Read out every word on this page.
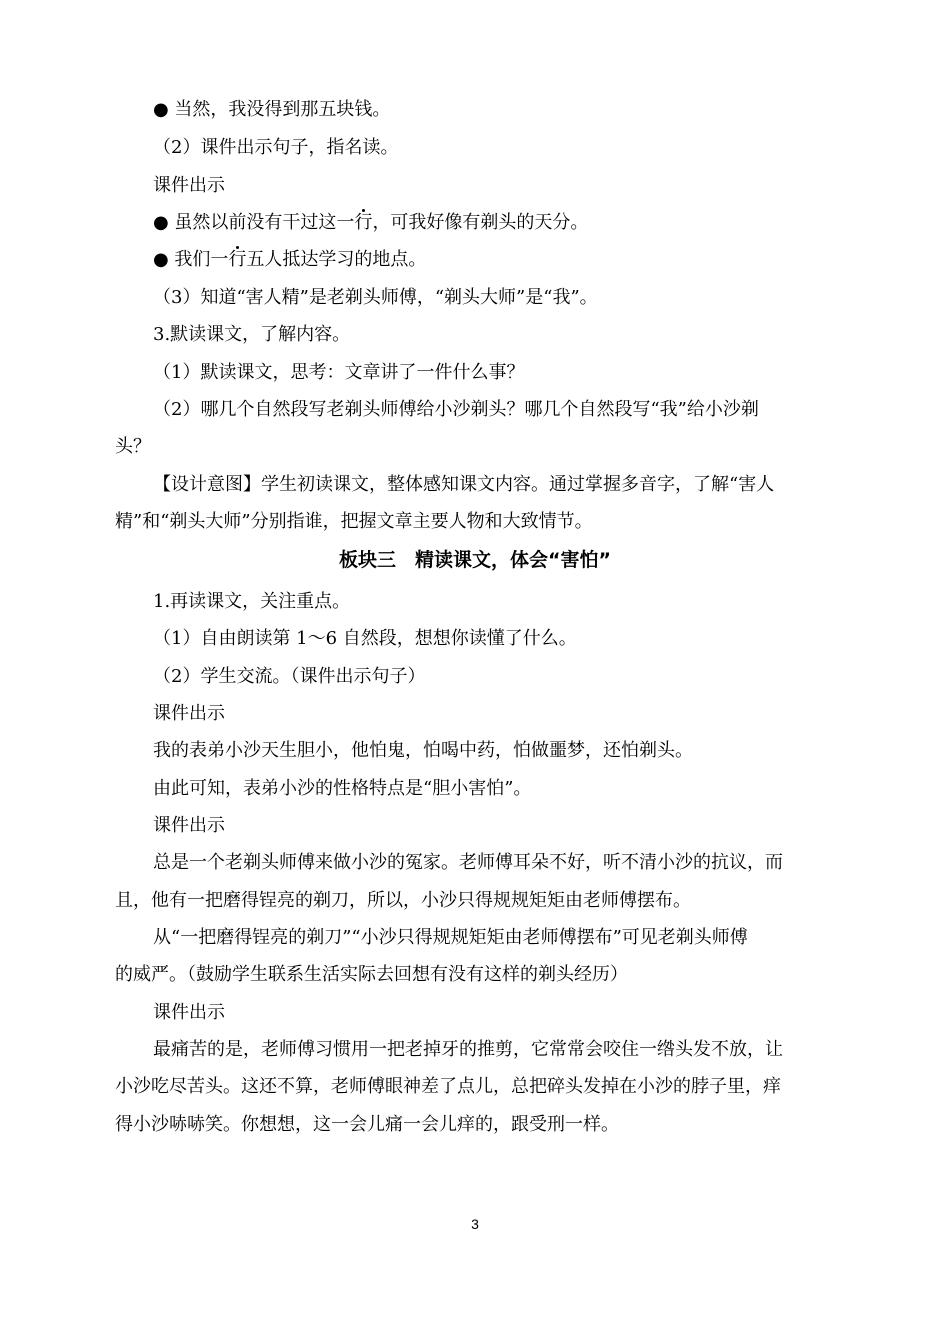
● 当然，我没得到那五块钱。
（2）课件出示句子，指名读。
课件出示
● 虽然以前没有干过这一行，可我好像有剃头的天分。
● 我们一行五人抵达学习的地点。
（3）知道“害人精”是老剃头师傅，“剃头大师”是“我”。
3.默读课文，了解内容。
（1）默读课文，思考：文章讲了一件什么事？
（2）哪几个自然段写老剃头师傅给小沙剃头？哪几个自然段写“我”给小沙剃
头？
【设计意图】学生初读课文，整体感知课文内容。通过掌握多音字，了解“害人
精”和“剃头大师”分别指谁，把握文章主要人物和大致情节。
板块三　精读课文，体会“害怕”
1.再读课文，关注重点。
（1）自由朗读第 1～6 自然段，想想你读懂了什么。
（2）学生交流。（课件出示句子）
课件出示
我的表弟小沙天生胆小，他怕鬼，怕喝中药，怕做噩梦，还怕剃头。
由此可知，表弟小沙的性格特点是“胆小害怕”。
课件出示
总是一个老剃头师傅来做小沙的冤家。老师傅耳朵不好，听不清小沙的抗议，而
且，他有一把磨得锃亮的剃刀，所以，小沙只得规规矩矩由老师傅摆布。
从“一把磨得锃亮的剃刀”“小沙只得规规矩矩由老师傅摆布”可见老剃头师傅
的威严。（鼓励学生联系生活实际去回想有没有这样的剃头经历）
课件出示
最痛苦的是，老师傅习惯用一把老掉牙的推剪，它常常会咬住一绺头发不放，让
小沙吃尽苦头。这还不算，老师傅眼神差了点儿，总把碎头发掉在小沙的脖子里，痒
得小沙哧哧笑。你想想，这一会儿痛一会儿痒的，跟受刑一样。
3
